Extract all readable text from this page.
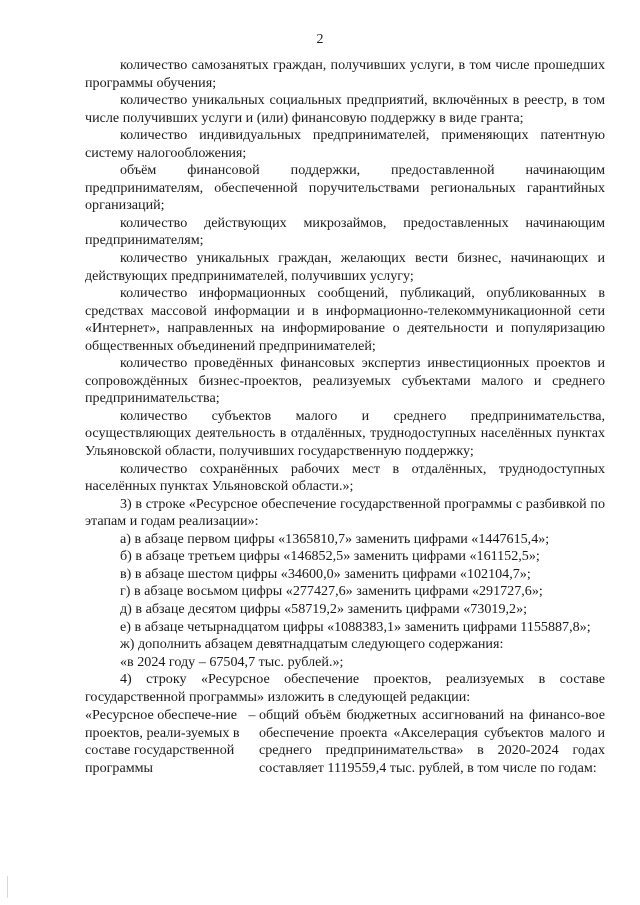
2

количество самозанятых граждан, получивших услуги, в том числе прошедших программы обучения;

количество уникальных социальных предприятий, включённых в реестр, в том числе получивших услуги и (или) финансовую поддержку в виде гранта;

количество индивидуальных предпринимателей, применяющих патентную систему налогообложения;

объём финансовой поддержки, предоставленной начинающим предпринимателям, обеспеченной поручительствами региональных гарантийных организаций;

количество действующих микрозаймов, предоставленных начинающим предпринимателям;

количество уникальных граждан, желающих вести бизнес, начинающих и действующих предпринимателей, получивших услугу;

количество информационных сообщений, публикаций, опубликованных в средствах массовой информации и в информационно-телекоммуникационной сети «Интернет», направленных на информирование о деятельности и популяризацию общественных объединений предпринимателей;

количество проведённых финансовых экспертиз инвестиционных проектов и сопровождённых бизнес-проектов, реализуемых субъектами малого и среднего предпринимательства;

количество субъектов малого и среднего предпринимательства, осуществляющих деятельность в отдалённых, труднодоступных населённых пунктах Ульяновской области, получивших государственную поддержку;

количество сохранённых рабочих мест в отдалённых, труднодоступных населённых пунктах Ульяновской области.»;

3) в строке «Ресурсное обеспечение государственной программы с разбивкой по этапам и годам реализации»:

а) в абзаце первом цифры «1365810,7» заменить цифрами «1447615,4»;

б) в абзаце третьем цифры «146852,5» заменить цифрами «161152,5»;

в) в абзаце шестом цифры «34600,0» заменить цифрами «102104,7»;

г) в абзаце восьмом цифры «277427,6» заменить цифрами «291727,6»;

д) в абзаце десятом цифры «58719,2» заменить цифрами «73019,2»;

е) в абзаце четырнадцатом цифры «1088383,1» заменить цифрами 1155887,8»;

ж) дополнить абзацем девятнадцатым следующего содержания:

«в 2024 году – 67504,7 тыс. рублей.»;

4) строку «Ресурсное обеспечение проектов, реализуемых в составе государственной программы» изложить в следующей редакции:

«Ресурсное обеспече-ние проектов, реали-зуемых в составе государственной программы
– общий объём бюджетных ассигнований на финансо-вое обеспечение проекта «Акселерация субъектов малого и среднего предпринимательства» в 2020-2024 годах составляет 1119559,4 тыс. рублей, в том числе по годам:
